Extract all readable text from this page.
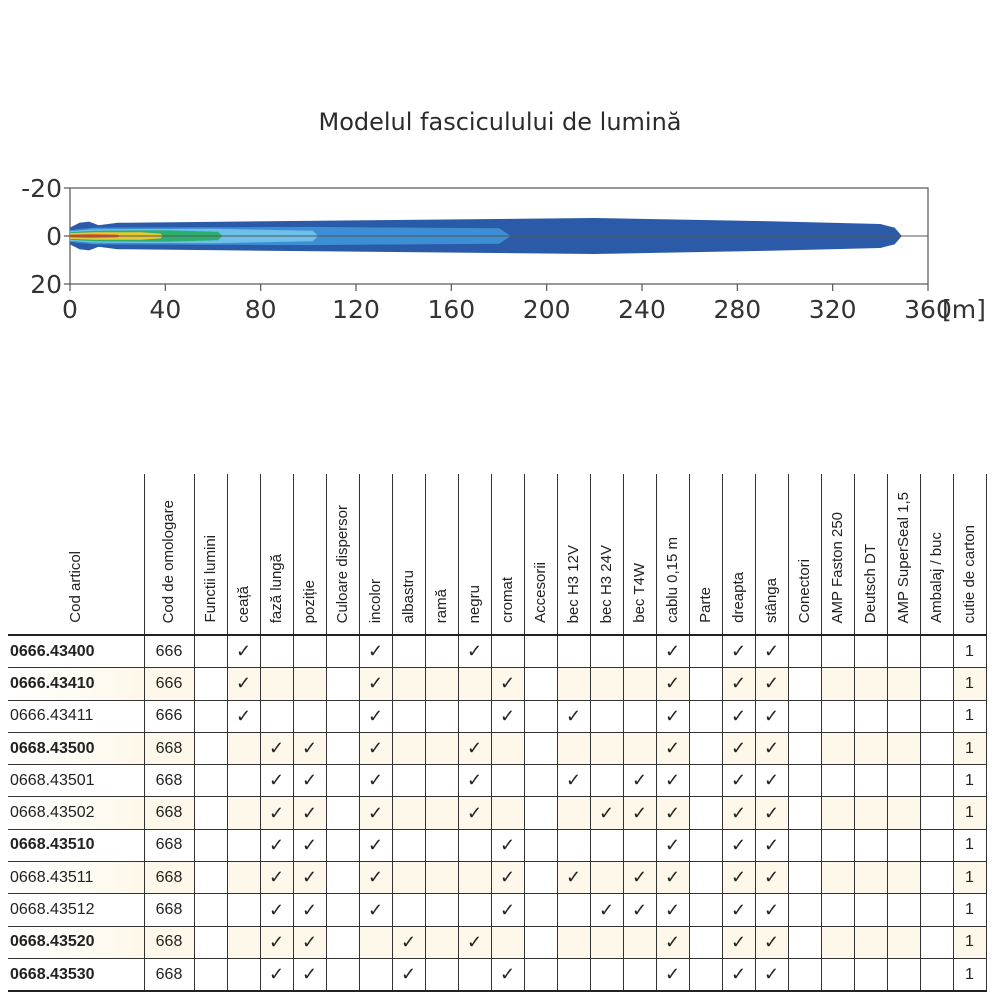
Modelul fasciculului de lumină
0	40	80 120 160 200 240 280 320 360
[m]
-20
0
20
Cod articol	Cod de omologare	Functii lumini	ceață	fază lungă	poziție	Culoare dispersor	incolor	albastru	ramă	negru	cromat	Accesorii	bec H3 12V	bec H3 24V	bec T4W	cablu 0,15 m	Parte	dreapta	stânga	Conectori	AMP Faston 250	Deutsch DT	AMP SuperSeal 1,5	Ambalaj / buc	cutie de carton
0666.43400	666		✓				✓			✓						✓		✓	✓						1
0666.43410	666		✓				✓				✓					✓		✓	✓						1
0666.43411	666		✓				✓				✓		✓			✓		✓	✓						1
0668.43500	668			✓	✓		✓			✓						✓		✓	✓						1
0668.43501	668			✓	✓		✓			✓			✓		✓	✓		✓	✓						1
0668.43502	668			✓	✓		✓			✓				✓	✓	✓		✓	✓						1
0668.43510	668			✓	✓		✓				✓					✓		✓	✓						1
0668.43511	668			✓	✓		✓				✓		✓		✓	✓		✓	✓						1
0668.43512	668			✓	✓		✓				✓			✓	✓	✓		✓	✓						1
0668.43520	668			✓	✓			✓		✓						✓		✓	✓						1
0668.43530	668			✓	✓			✓			✓					✓		✓	✓						1
